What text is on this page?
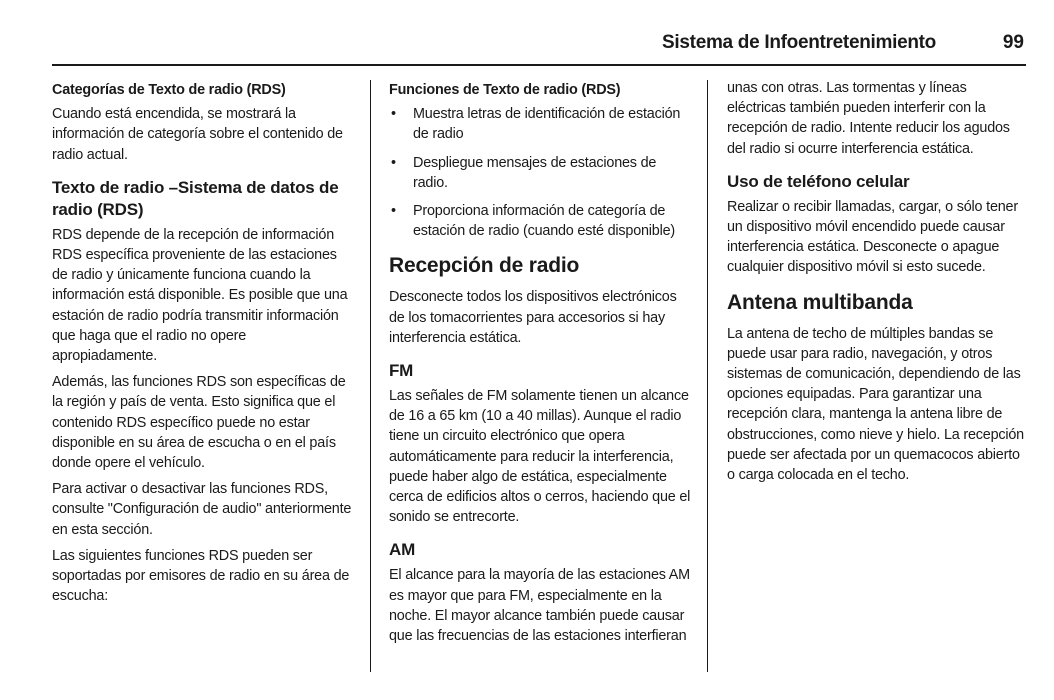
Sistema de Infoentretenimiento	99
Categorías de Texto de radio (RDS)

Cuando está encendida, se mostrará la información de categoría sobre el contenido de radio actual.

Texto de radio –Sistema de datos de radio (RDS)

RDS depende de la recepción de información RDS específica proveniente de las estaciones de radio y únicamente funciona cuando la información está disponible. Es posible que una estación de radio podría transmitir información que haga que el radio no opere apropiadamente.

Además, las funciones RDS son específicas de la región y país de venta. Esto significa que el contenido RDS específico puede no estar disponible en su área de escucha o en el país donde opere el vehículo.

Para activar o desactivar las funciones RDS, consulte "Configuración de audio" anteriormente en esta sección.

Las siguientes funciones RDS pueden ser soportadas por emisores de radio en su área de escucha:

Funciones de Texto de radio (RDS)
• Muestra letras de identificación de estación de radio
• Despliegue mensajes de estaciones de radio.
• Proporciona información de categoría de estación de radio (cuando esté disponible)
Recepción de radio

Desconecte todos los dispositivos electrónicos de los tomacorrientes para accesorios si hay interferencia estática.

FM

Las señales de FM solamente tienen un alcance de 16 a 65 km (10 a 40 millas). Aunque el radio tiene un circuito electrónico que opera automáticamente para reducir la interferencia, puede haber algo de estática, especialmente cerca de edificios altos o cerros, haciendo que el sonido se entrecorte.

AM

El alcance para la mayoría de las estaciones AM es mayor que para FM, especialmente en la noche. El mayor alcance también puede causar que las frecuencias de las estaciones interfieran

unas con otras. Las tormentas y líneas eléctricas también pueden interferir con la recepción de radio. Intente reducir los agudos del radio si ocurre interferencia estática.

Uso de teléfono celular

Realizar o recibir llamadas, cargar, o sólo tener un dispositivo móvil encendido puede causar interferencia estática. Desconecte o apague cualquier dispositivo móvil si esto sucede.

Antena multibanda

La antena de techo de múltiples bandas se puede usar para radio, navegación, y otros sistemas de comunicación, dependiendo de las opciones equipadas. Para garantizar una recepción clara, mantenga la antena libre de obstrucciones, como nieve y hielo. La recepción puede ser afectada por un quemacocos abierto o carga colocada en el techo.
